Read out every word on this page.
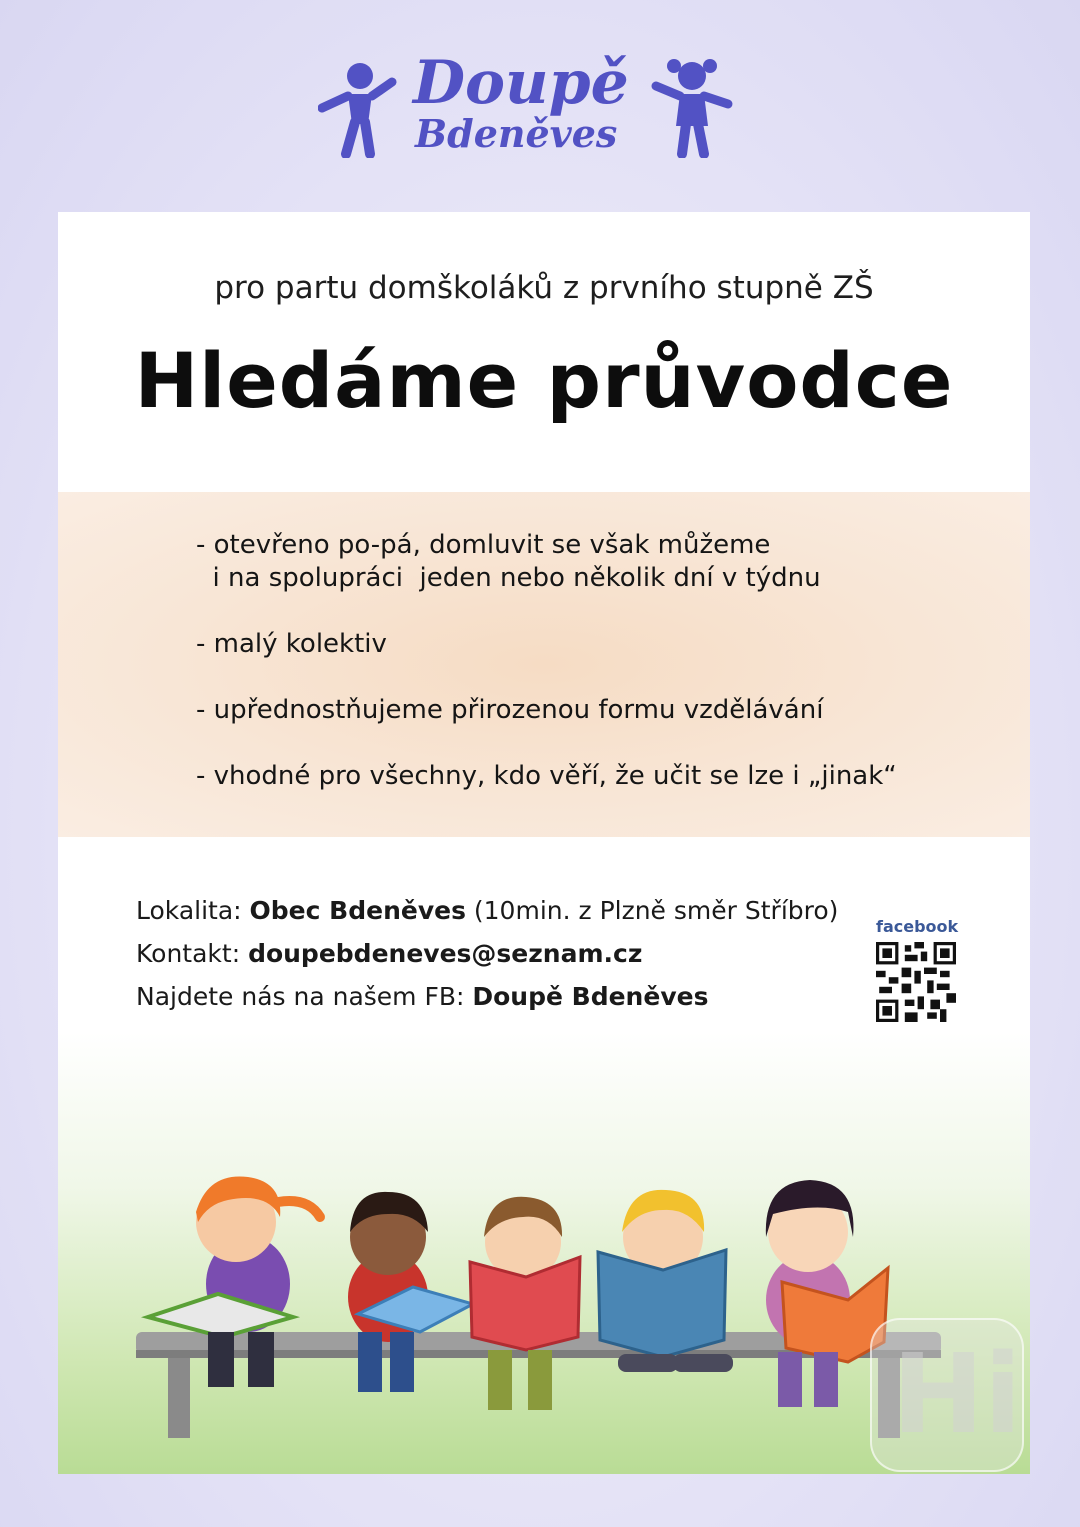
Doupě
Bdeněves
pro partu domškoláků z prvního stupně ZŠ
Hledáme průvodce
- otevřeno po-pá, domluvit se však můžeme
i na spolupráci  jeden nebo několik dní v týdnu
- malý kolektiv
- upřednostňujeme přirozenou formu vzdělávání
- vhodné pro všechny, kdo věří, že učit se lze i „jinak“
Lokalita: Obec Bdeněves (10min. z Plzně směr Stříbro)
Kontakt: doupebdeneves@seznam.cz
Najdete nás na našem FB: Doupě Bdeněves
facebook
Hi
